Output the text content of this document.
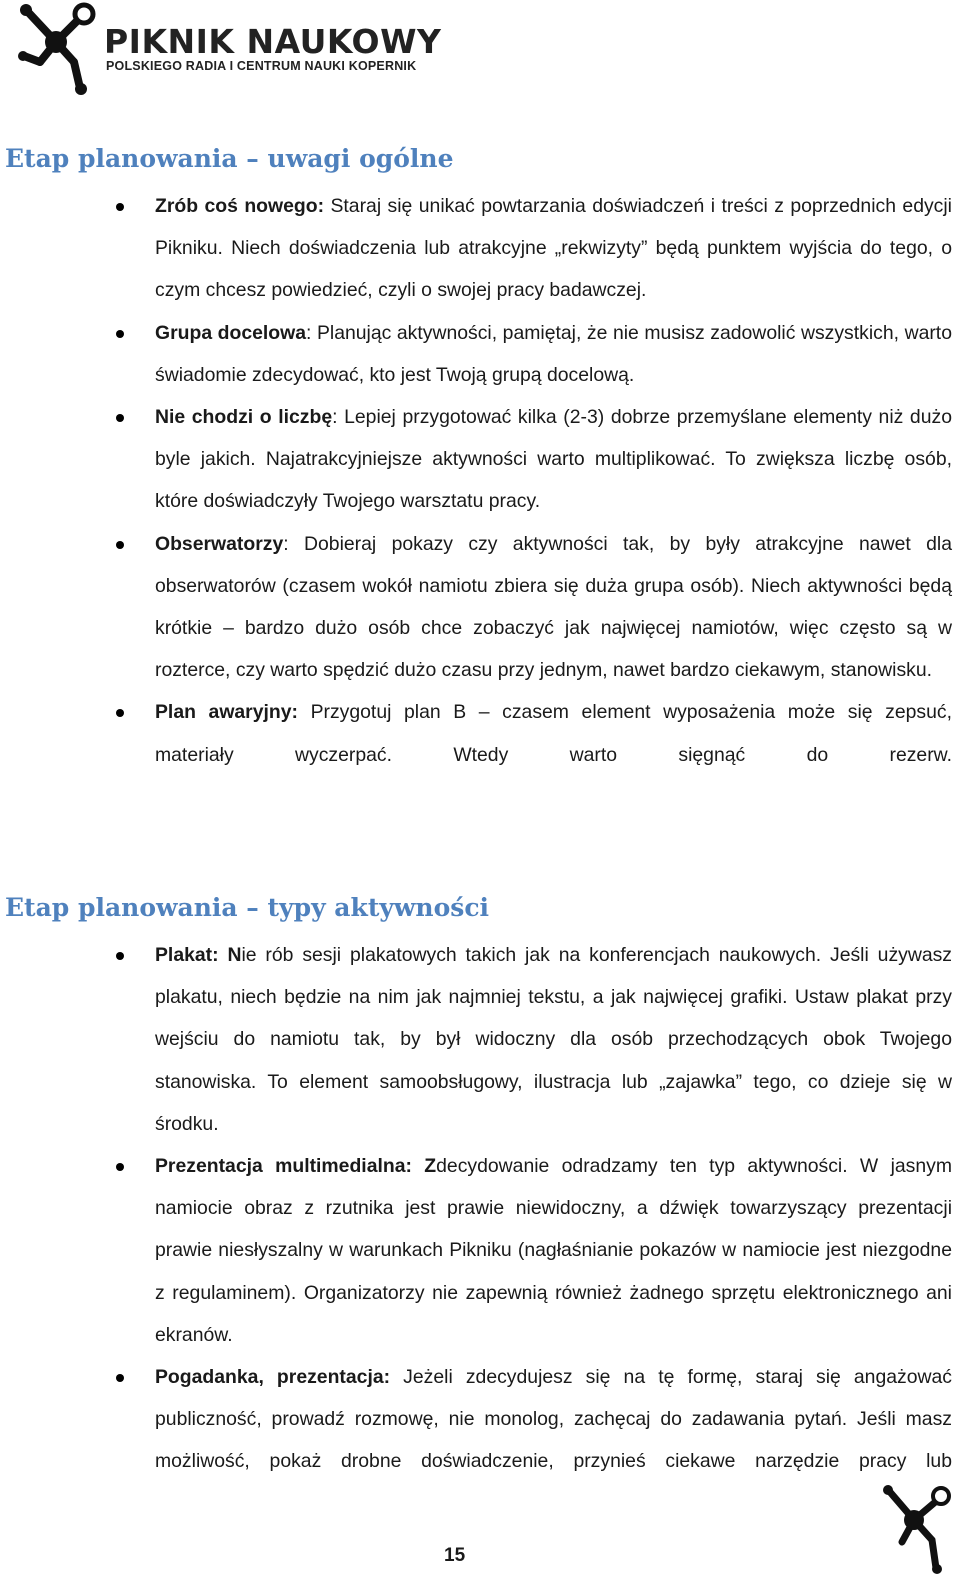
PIKNIK NAUKOWY
POLSKIEGO RADIA I CENTRUM NAUKI KOPERNIK
Etap planowania – uwagi ogólne
Zrób coś nowego: Staraj się unikać powtarzania doświadczeń i treści z poprzednich edycji Pikniku. Niech doświadczenia lub atrakcyjne „rekwizyty” będą punktem wyjścia do tego, o czym chcesz powiedzieć, czyli o swojej pracy badawczej.
Grupa docelowa: Planując aktywności, pamiętaj, że nie musisz zadowolić wszystkich, warto świadomie zdecydować, kto jest Twoją grupą docelową.
Nie chodzi o liczbę: Lepiej przygotować kilka (2-3) dobrze przemyślane elementy niż dużo byle jakich. Najatrakcyjniejsze aktywności warto multiplikować. To zwiększa liczbę osób, które doświadczyły Twojego warsztatu pracy.
Obserwatorzy: Dobieraj pokazy czy aktywności tak, by były atrakcyjne nawet dla obserwatorów (czasem wokół namiotu zbiera się duża grupa osób). Niech aktywności będą krótkie – bardzo dużo osób chce zobaczyć jak najwięcej namiotów, więc często są w rozterce, czy warto spędzić dużo czasu przy jednym, nawet bardzo ciekawym, stanowisku.
Plan awaryjny: Przygotuj plan B – czasem element wyposażenia może się zepsuć, materiały wyczerpać. Wtedy warto sięgnąć do rezerw.
Etap planowania – typy aktywności
Plakat: Nie rób sesji plakatowych takich jak na konferencjach naukowych. Jeśli używasz plakatu, niech będzie na nim jak najmniej tekstu, a jak najwięcej grafiki. Ustaw plakat przy wejściu do namiotu tak, by był widoczny dla osób przechodzących obok Twojego stanowiska. To element samoobsługowy, ilustracja lub „zajawka” tego, co dzieje się w środku.
Prezentacja multimedialna: Zdecydowanie odradzamy ten typ aktywności. W jasnym namiocie obraz z rzutnika jest prawie niewidoczny, a dźwięk towarzyszący prezentacji prawie niesłyszalny w warunkach Pikniku (nagłaśnianie pokazów w namiocie jest niezgodne z regulaminem). Organizatorzy nie zapewnią również żadnego sprzętu elektronicznego ani ekranów.
Pogadanka, prezentacja: Jeżeli zdecydujesz się na tę formę, staraj się angażować publiczność, prowadź rozmowę, nie monolog, zachęcaj do zadawania pytań. Jeśli masz możliwość, pokaż drobne doświadczenie, przynieś ciekawe narzędzie pracy lub
15
